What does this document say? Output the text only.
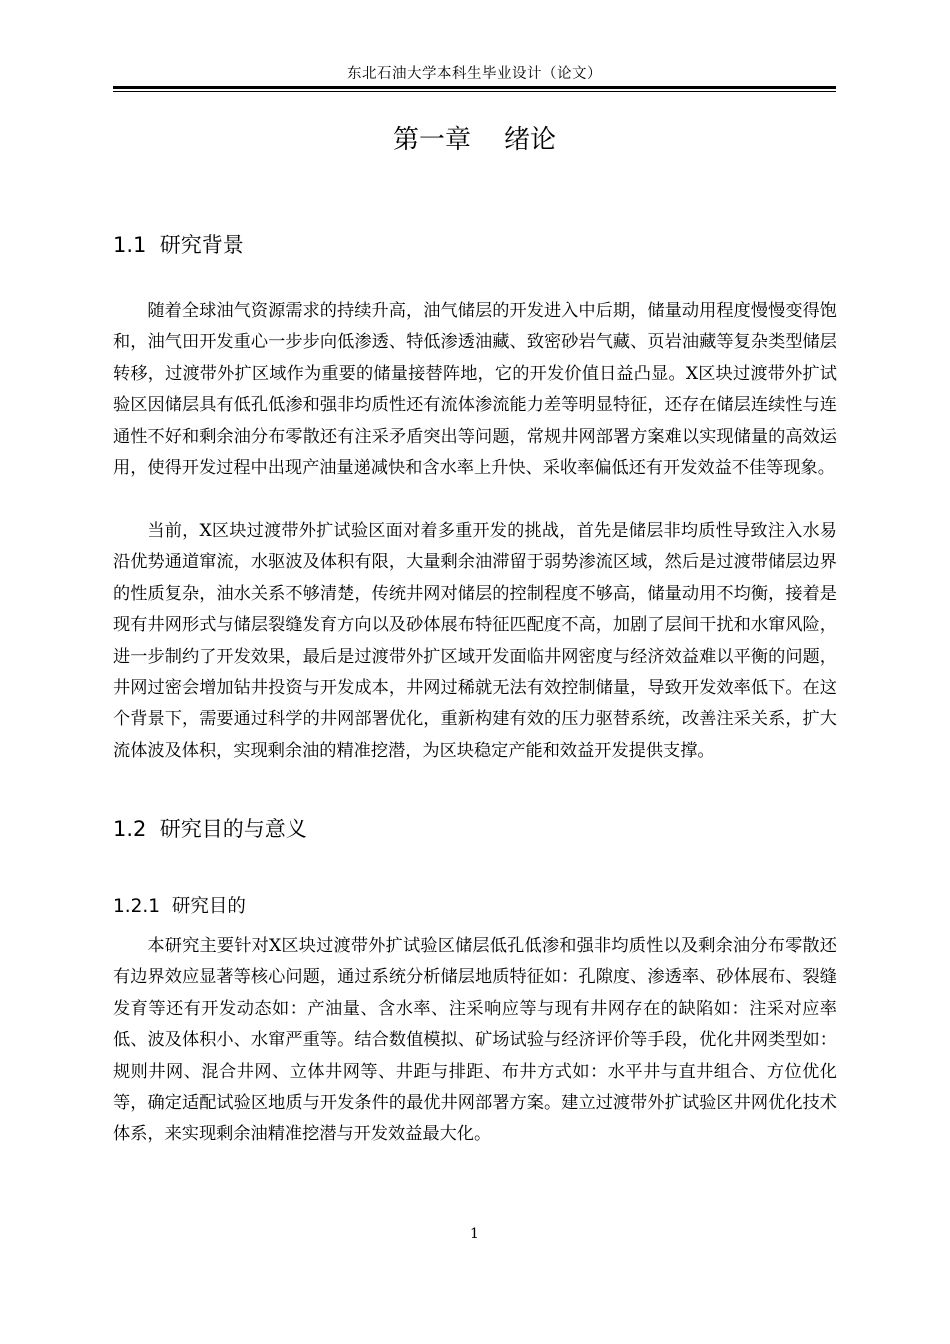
东北石油大学本科生毕业设计（论文）
第一章    绪论
1.1  研究背景

随着全球油气资源需求的持续升高，油气储层的开发进入中后期，储量动用程度慢慢变得饱和，油气田开发重心一步步向低渗透、特低渗透油藏、致密砂岩气藏、页岩油藏等复杂类型储层转移，过渡带外扩区域作为重要的储量接替阵地，它的开发价值日益凸显。X区块过渡带外扩试验区因储层具有低孔低渗和强非均质性还有流体渗流能力差等明显特征，还存在储层连续性与连通性不好和剩余油分布零散还有注采矛盾突出等问题，常规井网部署方案难以实现储量的高效运用，使得开发过程中出现产油量递减快和含水率上升快、采收率偏低还有开发效益不佳等现象。

当前，X区块过渡带外扩试验区面对着多重开发的挑战，首先是储层非均质性导致注入水易沿优势通道窜流，水驱波及体积有限，大量剩余油滞留于弱势渗流区域，然后是过渡带储层边界的性质复杂，油水关系不够清楚，传统井网对储层的控制程度不够高，储量动用不均衡，接着是现有井网形式与储层裂缝发育方向以及砂体展布特征匹配度不高，加剧了层间干扰和水窜风险，进一步制约了开发效果，最后是过渡带外扩区域开发面临井网密度与经济效益难以平衡的问题，井网过密会增加钻井投资与开发成本，井网过稀就无法有效控制储量，导致开发效率低下。在这个背景下，需要通过科学的井网部署优化，重新构建有效的压力驱替系统，改善注采关系，扩大流体波及体积，实现剩余油的精准挖潜，为区块稳定产能和效益开发提供支撑。

1.2  研究目的与意义
1.2.1  研究目的

本研究主要针对X区块过渡带外扩试验区储层低孔低渗和强非均质性以及剩余油分布零散还有边界效应显著等核心问题，通过系统分析储层地质特征如：孔隙度、渗透率、砂体展布、裂缝发育等还有开发动态如：产油量、含水率、注采响应等与现有井网存在的缺陷如：注采对应率低、波及体积小、水窜严重等。结合数值模拟、矿场试验与经济评价等手段，优化井网类型如：规则井网、混合井网、立体井网等、井距与排距、布井方式如：水平井与直井组合、方位优化等，确定适配试验区地质与开发条件的最优井网部署方案。建立过渡带外扩试验区井网优化技术体系，来实现剩余油精准挖潜与开发效益最大化。

1
